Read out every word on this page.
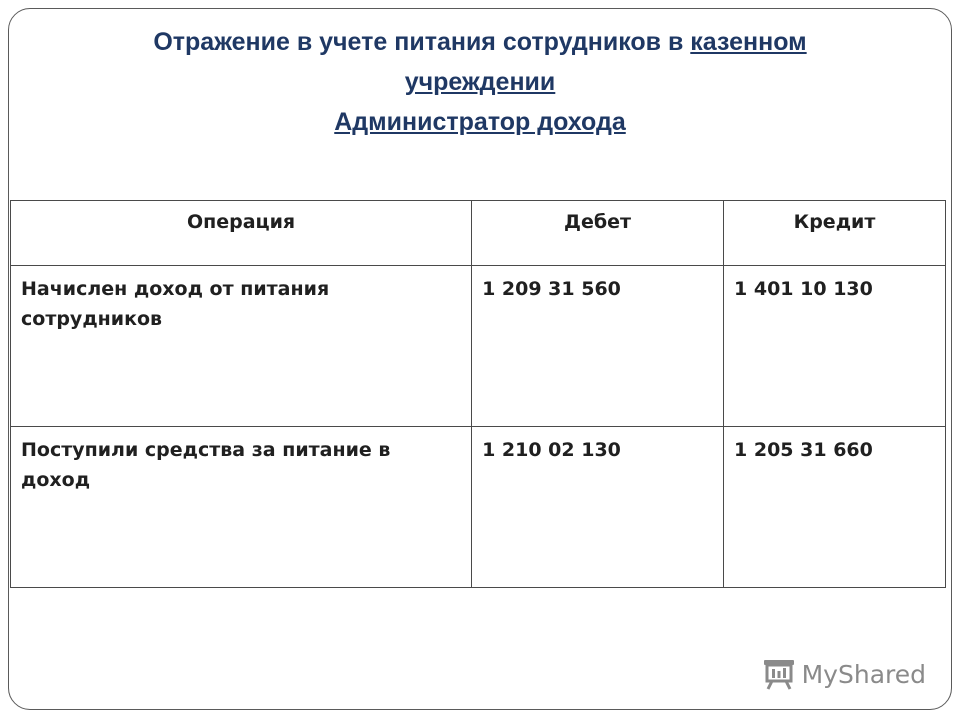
Отражение в учете питания сотрудников в казенном
учреждении
Администратор дохода
Операция	Дебет	Кредит
Начислен доход от питания сотрудников	1 209 31 560	1 401 10 130
Поступили средства за питание в доход	1 210 02 130	1 205 31 660
MyShared
